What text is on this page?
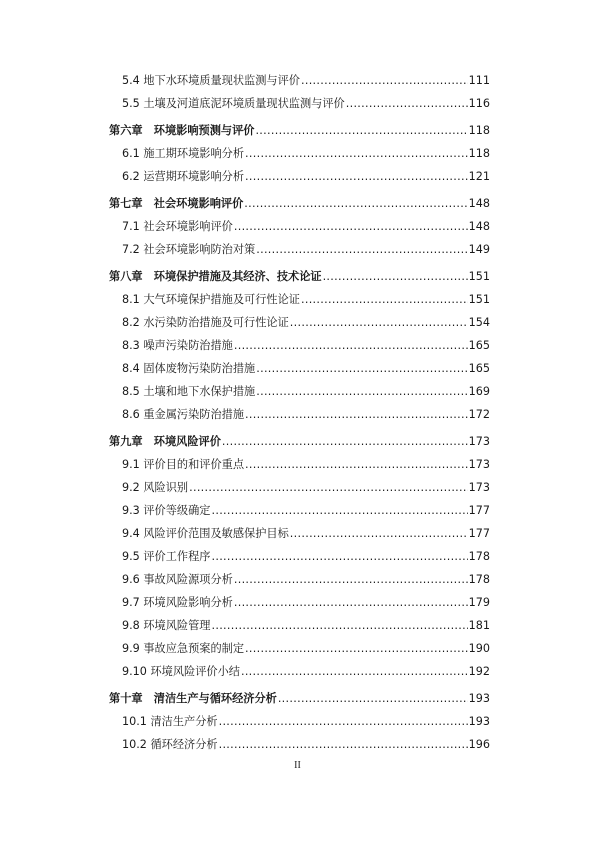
5.4 地下水环境质量现状监测与评价 .....	111
5.5 土壤及河道底泥环境质量现状监测与评价 .....	116
第六章　环境影响预测与评价 .....	118
6.1 施工期环境影响分析 .....	118
6.2 运营期环境影响分析 .....	121
第七章　社会环境影响评价 .....	148
7.1 社会环境影响评价 .....	148
7.2 社会环境影响防治对策 .....	149
第八章　环境保护措施及其经济、技术论证 .....	151
8.1 大气环境保护措施及可行性论证 .....	151
8.2 水污染防治措施及可行性论证 .....	154
8.3 噪声污染防治措施 .....	165
8.4 固体废物污染防治措施 .....	165
8.5 土壤和地下水保护措施 .....	169
8.6 重金属污染防治措施 .....	172
第九章　环境风险评价 .....	173
9.1 评价目的和评价重点 .....	173
9.2 风险识别 .....	173
9.3 评价等级确定 .....	177
9.4 风险评价范围及敏感保护目标 .....	177
9.5 评价工作程序 .....	178
9.6 事故风险源项分析 .....	178
9.7 环境风险影响分析 .....	179
9.8 环境风险管理 .....	181
9.9 事故应急预案的制定 .....	190
9.10 环境风险评价小结 .....	192
第十章　清洁生产与循环经济分析 .....	193
10.1 清洁生产分析 .....	193
10.2 循环经济分析 .....	196
II
